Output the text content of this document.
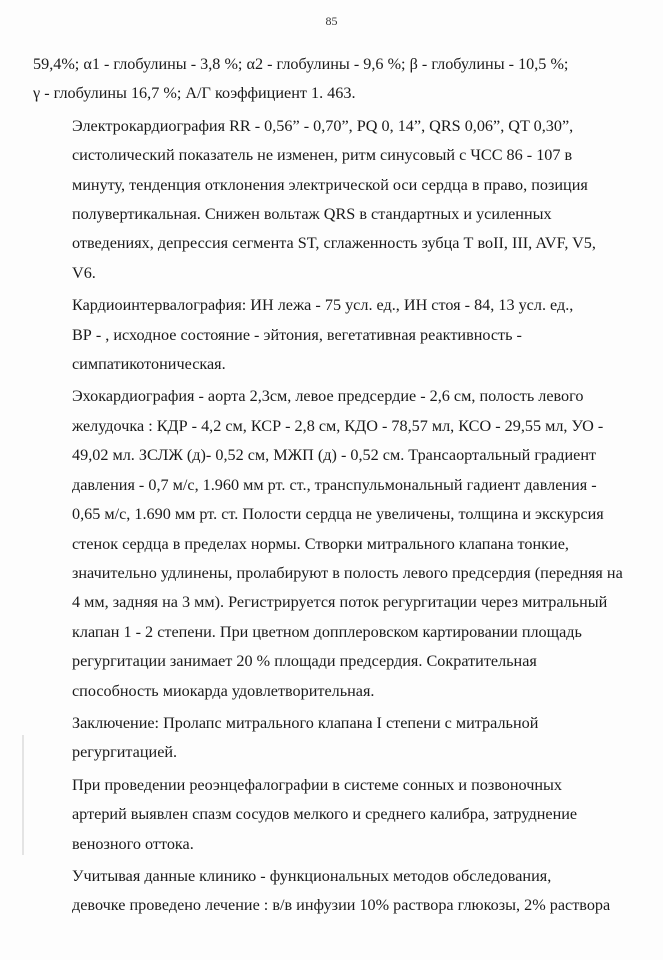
85

59,4%; α1 - глобулины - 3,8 %; α2 - глобулины - 9,6 %; β - глобулины - 10,5 %;
γ - глобулины 16,7 %; А/Г коэффициент 1. 463.

Электрокардиография RR - 0,56” - 0,70”, PQ 0, 14”, QRS 0,06”, QT 0,30”,
систолический показатель не изменен, ритм синусовый с ЧСС 86 - 107 в
минуту, тенденция отклонения электрической оси сердца в право, позиция
полувертикальная. Снижен вольтаж QRS в стандартных и усиленных
отведениях, депрессия сегмента ST, сглаженность зубца Т воII, III, AVF, V5,
V6.

Кардиоинтервалография: ИН лежа - 75 усл. ед., ИН стоя - 84, 13 усл. ед.,
ВР - , исходное состояние - эйтония, вегетативная реактивность -
симпатикотоническая.

Эхокардиография - аорта 2,3см, левое предсердие - 2,6 см, полость левого
желудочка : КДР - 4,2 см, КСР - 2,8 см, КДО - 78,57 мл, КСО - 29,55 мл, УО -
49,02 мл. ЗСЛЖ (д)- 0,52 см, МЖП (д) - 0,52 см. Трансаортальный градиент
давления - 0,7 м/с, 1.960 мм рт. ст., транспульмональный гадиент давления -
0,65 м/с, 1.690 мм рт. ст. Полости сердца не увеличены, толщина и экскурсия
стенок сердца в пределах нормы. Створки митрального клапана тонкие,
значительно удлинены, пролабируют в полость левого предсердия (передняя на
4 мм, задняя на 3 мм). Регистрируется поток регургитации через митральный
клапан 1 - 2 степени. При цветном допплеровском картировании площадь
регургитации занимает 20 % площади предсердия. Сократительная
способность миокарда удовлетворительная.

Заключение: Пролапс митрального клапана I степени с митральной
регургитацией.

При проведении реоэнцефалографии в системе сонных и позвоночных
артерий выявлен спазм сосудов мелкого и среднего калибра, затруднение
венозного оттока.

Учитывая данные клинико - функциональных методов обследования,
девочке проведено лечение : в/в инфузии 10% раствора глюкозы, 2% раствора
